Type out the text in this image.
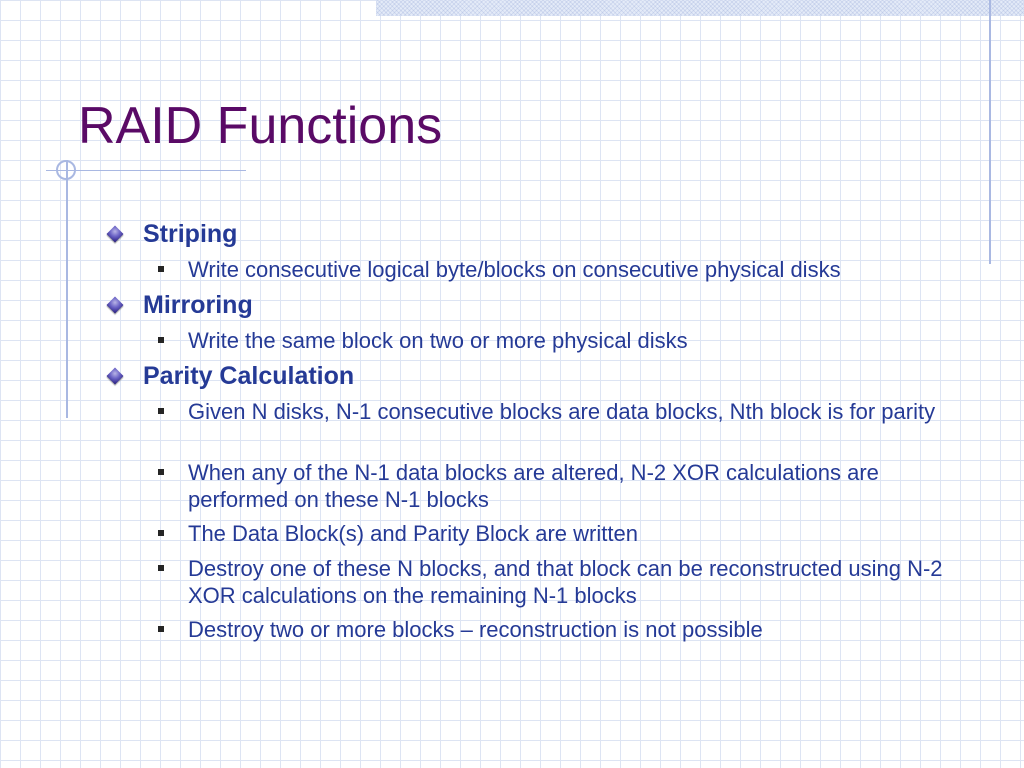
RAID Functions
Striping
Write consecutive logical byte/blocks on consecutive physical disks
Mirroring
Write the same block on two or more physical disks
Parity Calculation
Given N disks, N-1 consecutive blocks are data blocks, Nth block is for parity
When any of the N-1 data blocks are altered, N-2 XOR calculations are performed on these N-1 blocks
The Data Block(s) and Parity Block are written
Destroy one of these N blocks, and that block can be reconstructed using N-2 XOR calculations on the remaining N-1 blocks
Destroy two or more blocks – reconstruction is not possible
